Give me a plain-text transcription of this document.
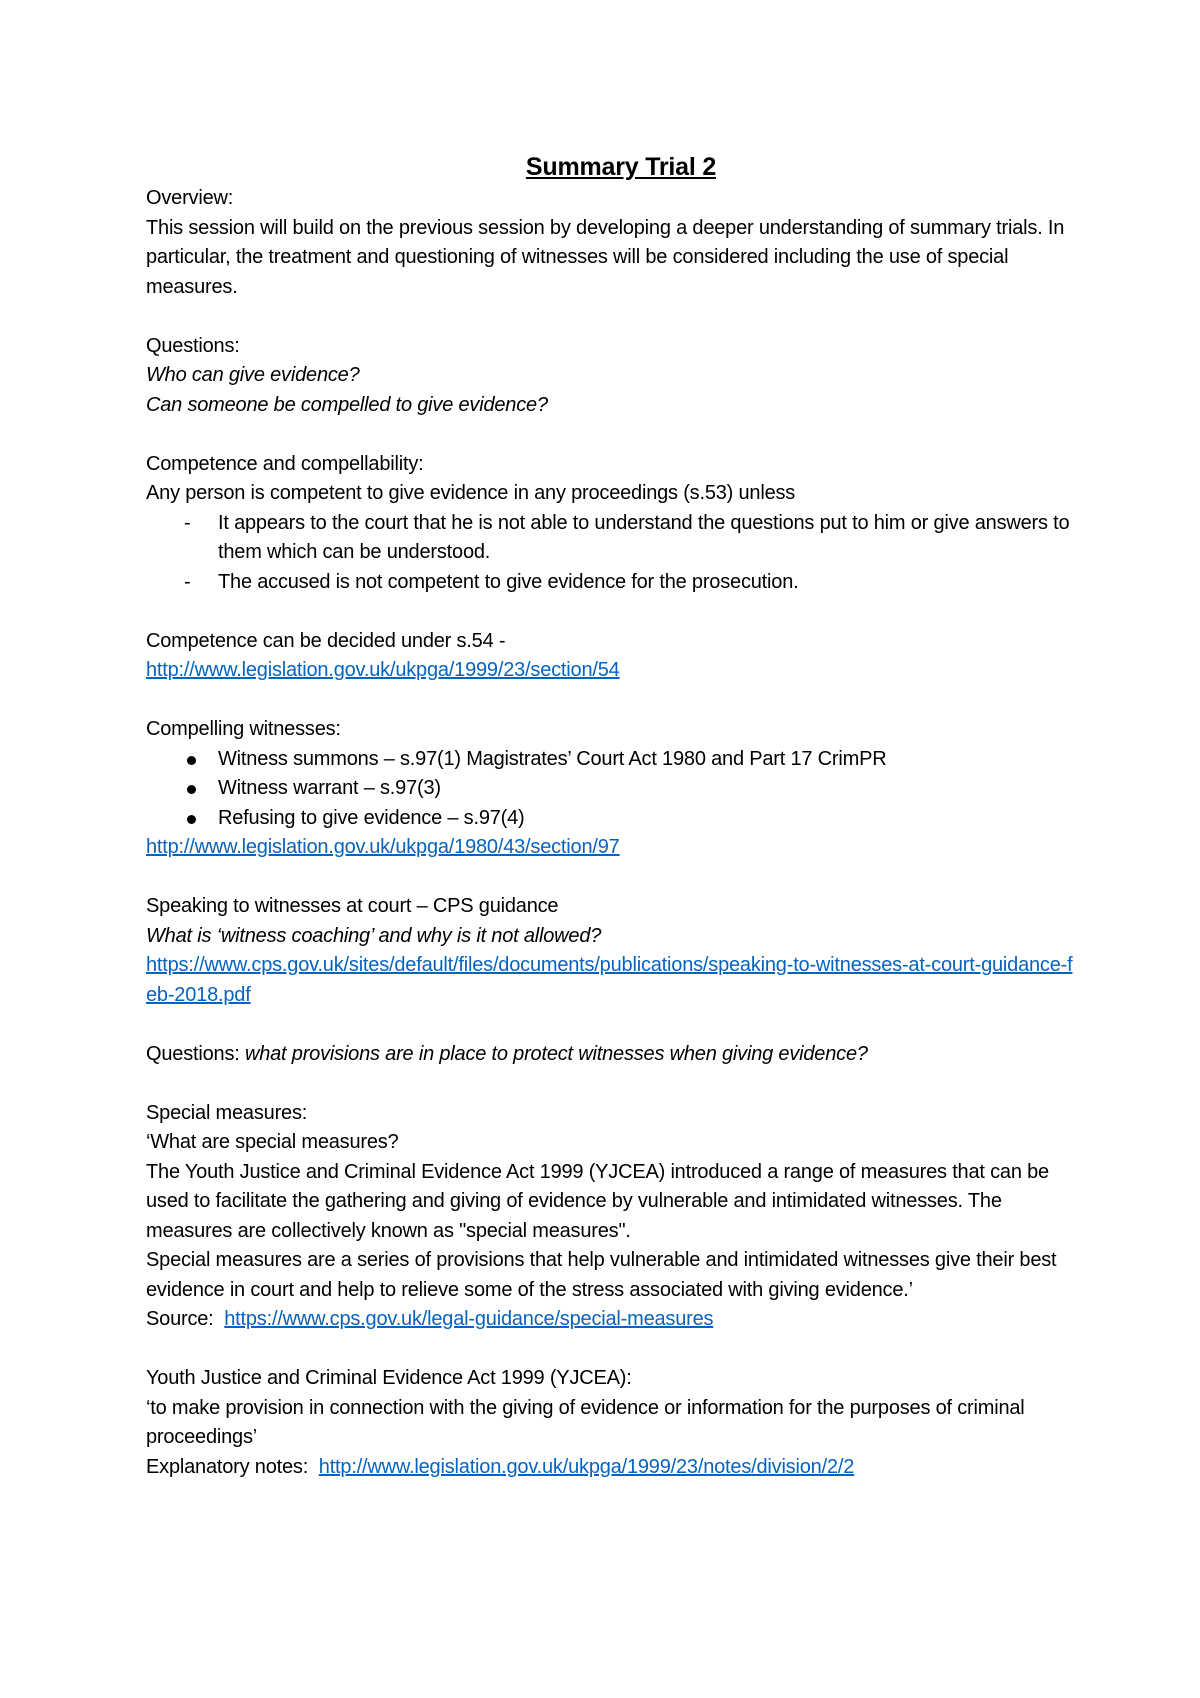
Summary Trial 2

Overview:

This session will build on the previous session by developing a deeper understanding of summary trials. In particular, the treatment and questioning of witnesses will be considered including the use of special measures.

Questions:

Who can give evidence?

Can someone be compelled to give evidence?

Competence and compellability:

Any person is competent to give evidence in any proceedings (s.53) unless

-	It appears to the court that he is not able to understand the questions put to him or give answers to them which can be understood.
-	The accused is not competent to give evidence for the prosecution.

Competence can be decided under s.54 -

http://www.legislation.gov.uk/ukpga/1999/23/section/54

Compelling witnesses:

Witness summons – s.97(1) Magistrates’ Court Act 1980 and Part 17 CrimPR
Witness warrant – s.97(3)
Refusing to give evidence – s.97(4)

http://www.legislation.gov.uk/ukpga/1980/43/section/97

Speaking to witnesses at court – CPS guidance

What is ‘witness coaching’ and why is it not allowed?

https://www.cps.gov.uk/sites/default/files/documents/publications/speaking-to-witnesses-at-court-guidance-feb-2018.pdf

Questions: what provisions are in place to protect witnesses when giving evidence?

Special measures:

‘What are special measures?

The Youth Justice and Criminal Evidence Act 1999 (YJCEA) introduced a range of measures that can be used to facilitate the gathering and giving of evidence by vulnerable and intimidated witnesses. The measures are collectively known as "special measures".

Special measures are a series of provisions that help vulnerable and intimidated witnesses give their best evidence in court and help to relieve some of the stress associated with giving evidence.’

Source: https://www.cps.gov.uk/legal-guidance/special-measures

Youth Justice and Criminal Evidence Act 1999 (YJCEA):

‘to make provision in connection with the giving of evidence or information for the purposes of criminal proceedings’

Explanatory notes: http://www.legislation.gov.uk/ukpga/1999/23/notes/division/2/2
